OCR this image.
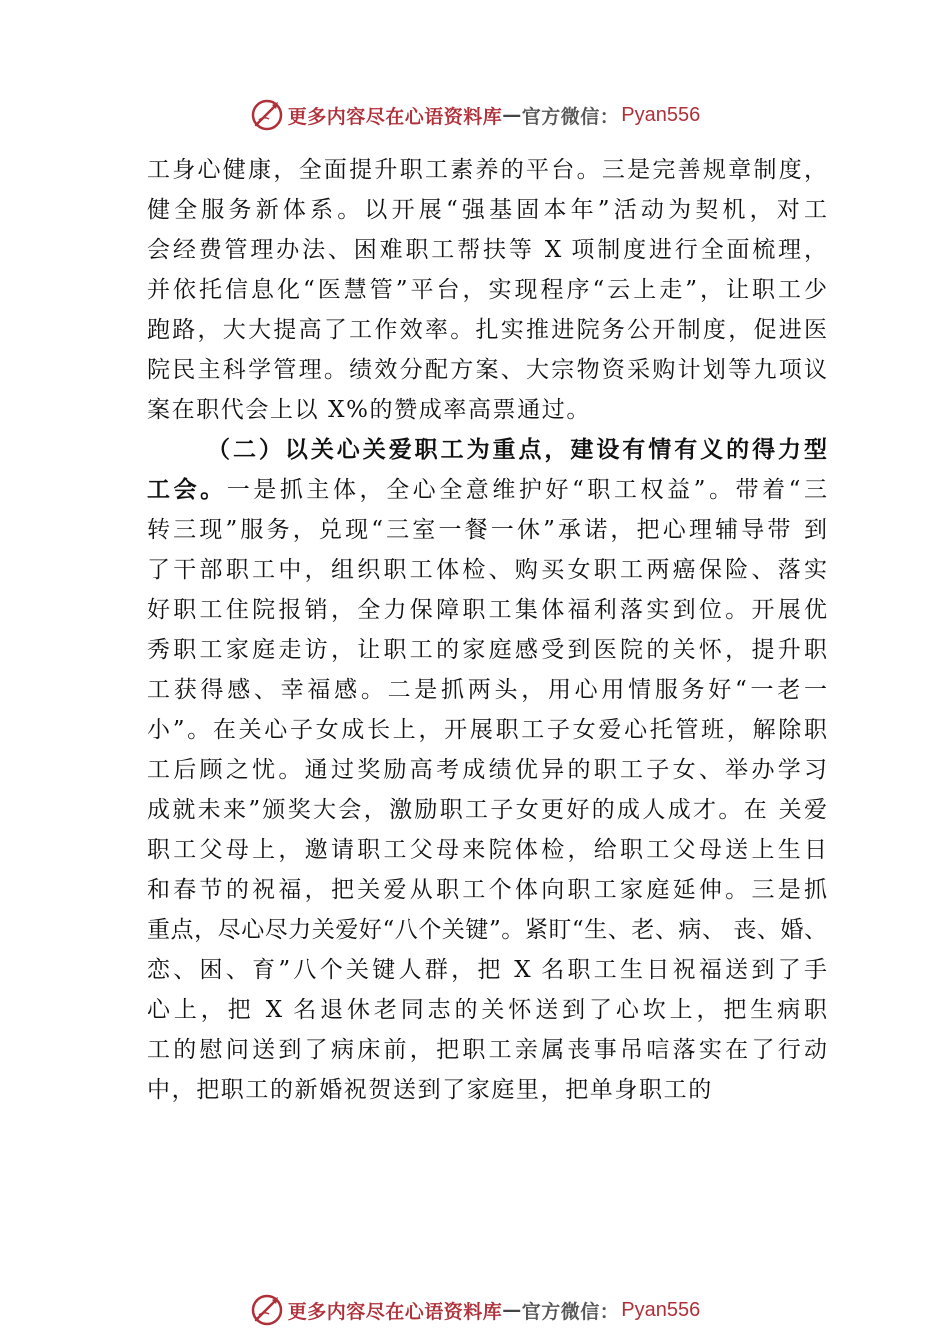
更多内容尽在心语资料库 — 官方微信： Pyan556
工身心健康，全面提升职工素养的平台。三是完善规章制度，
健全服务新体系。以开展“强基固本年”活动为契机，对工
会经费管理办法、困难职工帮扶等 X 项制度进行全面梳理，
并依托信息化“医慧管”平台，实现程序“云上走”，让职工少
跑路，大大提高了工作效率。扎实推进院务公开制度，促进医
院民主科学管理。绩效分配方案、大宗物资采购计划等九项议
案在职代会上以 X%的赞成率高票通过。
（二）以关心关爱职工为重点，建设有情有义的得力型
工会。一是抓主体，全心全意维护好“职工权益”。带着“三
转三现”服务，兑现“三室一餐一休”承诺，把心理辅导带 到
了干部职工中，组织职工体检、购买女职工两癌保险、落实
好职工住院报销，全力保障职工集体福利落实到位。开展优
秀职工家庭走访，让职工的家庭感受到医院的关怀，提升职
工获得感、幸福感。二是抓两头，用心用情服务好“一老一
小”。在关心子女成长上，开展职工子女爱心托管班，解除职
工后顾之忧。通过奖励高考成绩优异的职工子女、举办学习
成就未来”颁奖大会，激励职工子女更好的成人成才。在 关爱
职工父母上，邀请职工父母来院体检，给职工父母送上生日
和春节的祝福，把关爱从职工个体向职工家庭延伸。三是抓
重点，尽心尽力关爱好“八个关键”。紧盯“生、老、病、 丧、婚、
恋、困、育”八个关键人群，把 X 名职工生日祝福送到了手
心上，把 X 名退休老同志的关怀送到了心坎上，把生病职
工的慰问送到了病床前，把职工亲属丧事吊唁落实在了行动
中，把职工的新婚祝贺送到了家庭里，把单身职工的
更多内容尽在心语资料库 — 官方微信： Pyan556
